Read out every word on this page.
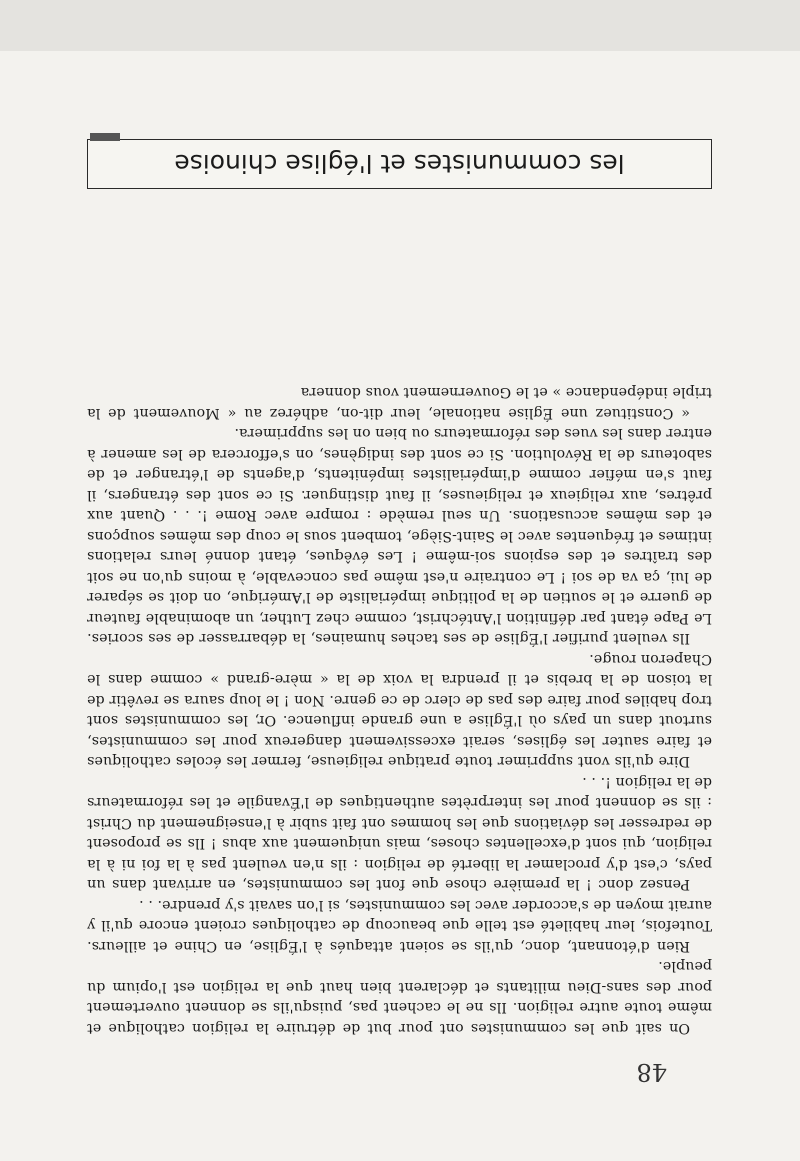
48

On sait que les communistes ont pour but de détruire la religion catholique et même toute autre religion. Ils ne le cachent pas, puisqu'ils se donnent ouvertement pour des sans-Dieu militants et déclarent bien haut que la religion est l'opium du peuple.

Rien d'étonnant, donc, qu'ils se soient attaqués à l'Église, en Chine et ailleurs. Toutefois, leur habileté est telle que beaucoup de catholiques croient encore qu'il y aurait moyen de s'accorder avec les communistes, si l'on savait s'y prendre. . .

Pensez donc ! la première chose que font les communistes, en arrivant dans un pays, c'est d'y proclamer la liberté de religion : ils n'en veulent pas à la foi ni à la religion, qui sont d'excellentes choses, mais uniquement aux abus ! Ils se proposent de redresser les déviations que les hommes ont fait subir à l'enseignement du Christ : ils se donnent pour les interprètes authentiques de l'Évangile et les réformateurs de la religion !. . .

Dire qu'ils vont supprimer toute pratique religieuse, fermer les écoles catholiques et faire sauter les églises, serait excessivement dangereux pour les communistes, surtout dans un pays où l'Église a une grande influence. Or, les communistes sont trop habiles pour faire des pas de clerc de ce genre. Non ! le loup saura se revêtir de la toison de la brebis et il prendra la voix de la « mère-grand » comme dans le Chaperon rouge.

Ils veulent purifier l'Église de ses taches humaines, la débarrasser de ses scories. Le Pape étant par définition l'Antéchrist, comme chez Luther, un abominable fauteur de guerre et le soutien de la politique impérialiste de l'Amérique, on doit se séparer de lui, ça va de soi ! Le contraire n'est même pas concevable, à moins qu'on ne soit des traîtres et des espions soi-même ! Les évêques, étant donné leurs relations intimes et fréquentes avec le Saint-Siège, tombent sous le coup des mêmes soupçons et des mêmes accusations. Un seul remède : rompre avec Rome !. . . Quant aux prêtres, aux religieux et religieuses, il faut distinguer. Si ce sont des étrangers, il faut s'en méfier comme d'impérialistes impénitents, d'agents de l'étranger et de saboteurs de la Révolution. Si ce sont des indigènes, on s'efforcera de les amener à entrer dans les vues des réformateurs ou bien on les supprimera.

« Constituez une Église nationale, leur dit-on, adhérez au « Mouvement de la triple indépendance » et le Gouvernement vous donnera

les communistes et l'église chinoise
